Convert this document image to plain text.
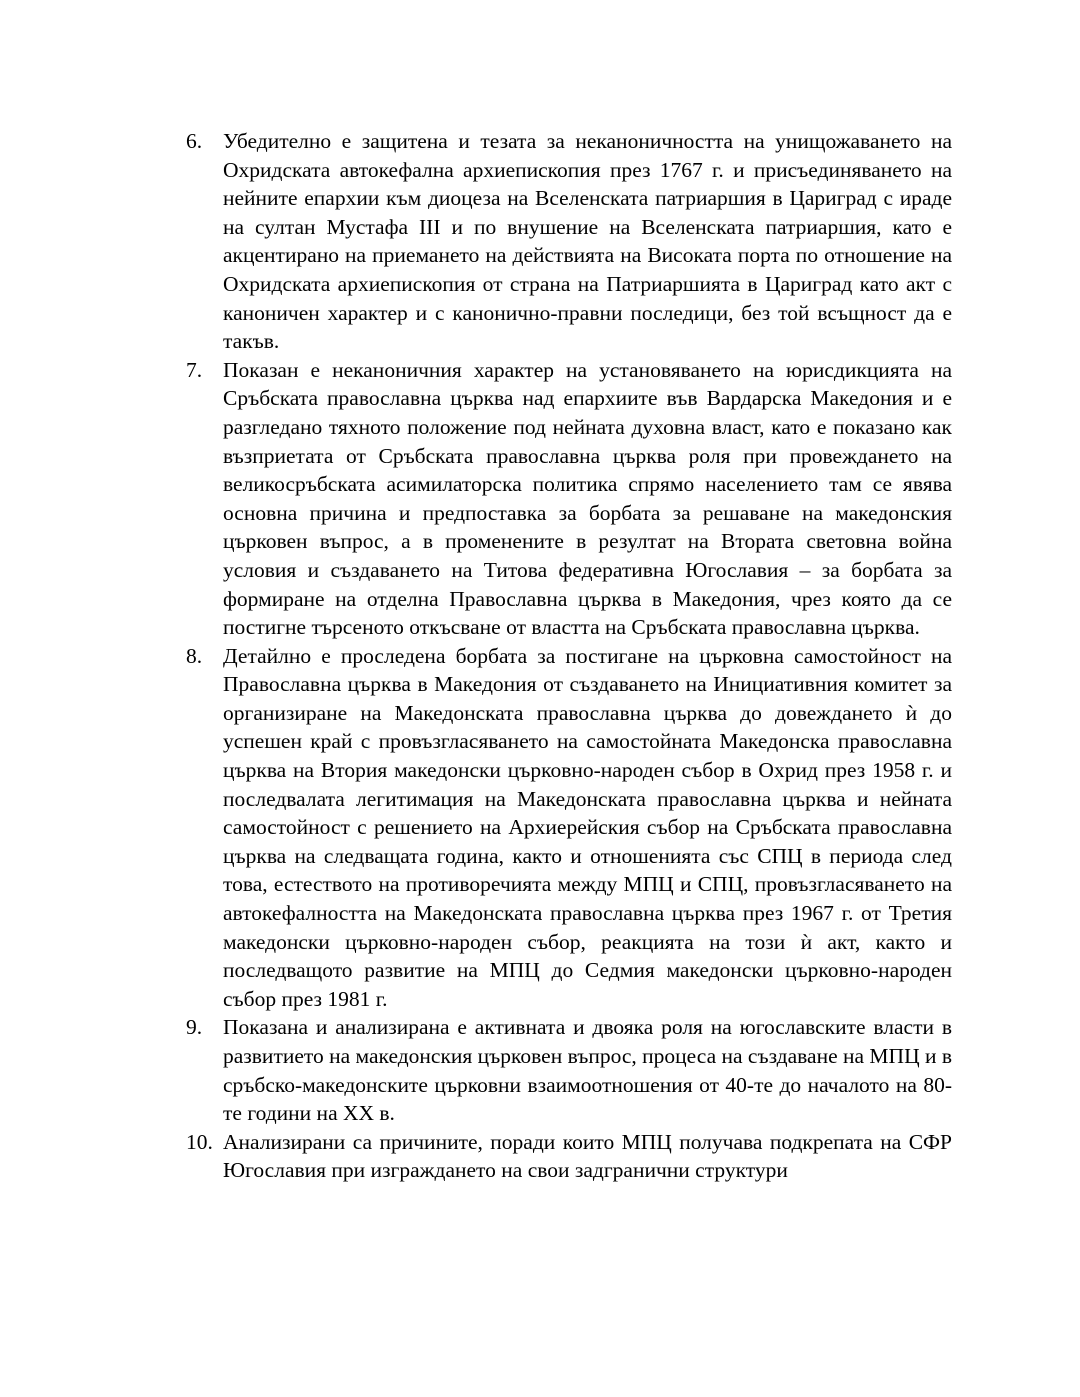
6. Убедително е защитена и тезата за неканоничността на унищожаването на Охридската автокефална архиепископия през 1767 г. и присъединяването на нейните епархии към диоцеза на Вселенската патриаршия в Цариград с ираде на султан Мустафа III и по внушение на Вселенската патриаршия, като е акцентирано на приемането на действията на Високата порта по отношение на Охридската архиепископия от страна на Патриаршията в Цариград като акт с каноничен характер и с канонично-правни последици, без той всъщност да е такъв.
7. Показан е неканоничния характер на установяването на юрисдикцията на Сръбската православна църква над епархиите във Вардарска Македония и е разгледано тяхното положение под нейната духовна власт, като е показано как възприетата от Сръбската православна църква роля при провеждането на великосръбската асимилаторска политика спрямо населението там се явява основна причина и предпоставка за борбата за решаване на македонския църковен въпрос, а в променените в резултат на Втората световна война условия и създаването на Титова федеративна Югославия – за борбата за формиране на отделна Православна църква в Македония, чрез която да се постигне търсеното откъсване от властта на Сръбската православна църква.
8. Детайлно е проследена борбата за постигане на църковна самостойност на Православна църква в Македония от създаването на Инициативния комитет за организиране на Македонската православна църква до довеждането ѝ до успешен край с провъзгласяването на самостойната Македонска православна църква на Втория македонски църковно-народен събор в Охрид през 1958 г. и последвалата легитимация на Македонската православна църква и нейната самостойност с решението на Архиерейския събор на Сръбската православна църква на следващата година, както и отношенията със СПЦ в периода след това, естеството на противоречията между МПЦ и СПЦ, провъзгласяването на автокефалността на Македонската православна църква през 1967 г. от Третия македонски църковно-народен събор, реакцията на този ѝ акт, както и последващото развитие на МПЦ до Седмия македонски църковно-народен събор през 1981 г.
9. Показана и анализирана е активната и двояка роля на югославските власти в развитието на македонския църковен въпрос, процеса на създаване на МПЦ и в сръбско-македонските църковни взаимоотношения от 40-те до началото на 80-те години на XX в.
10. Анализирани са причините, поради които МПЦ получава подкрепата на СФР Югославия при изграждането на свои задгранични структури
